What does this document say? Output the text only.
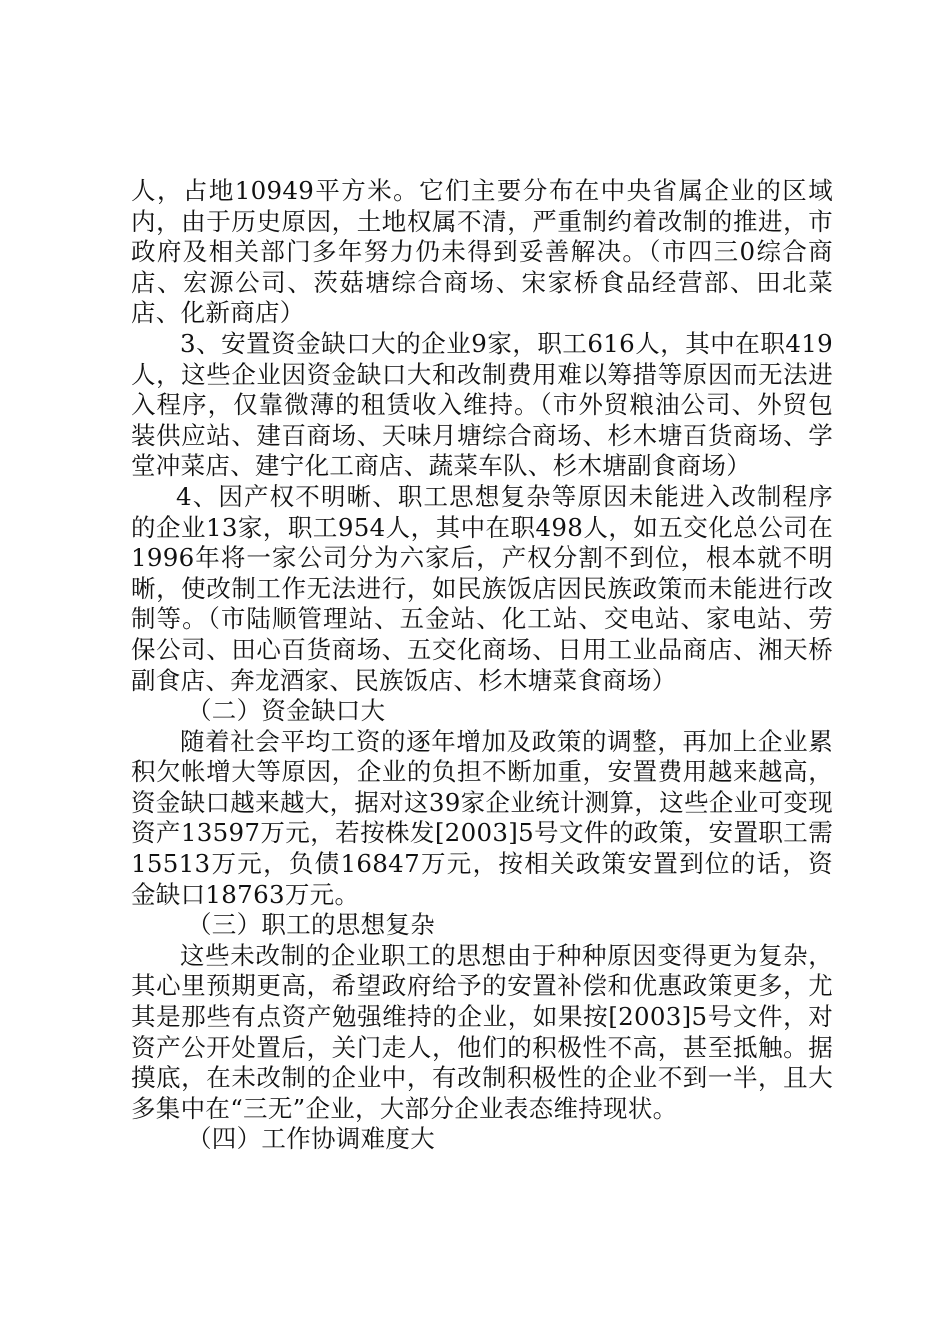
人，占地10949平方米。它们主要分布在中央省属企业的区域内，由于历史原因，土地权属不清，严重制约着改制的推进，市政府及相关部门多年努力仍未得到妥善解决。（市四三0综合商店、宏源公司、茨菇塘综合商场、宋家桥食品经营部、田北菜店、化新商店）

3、安置资金缺口大的企业9家，职工616人，其中在职419人，这些企业因资金缺口大和改制费用难以筹措等原因而无法进入程序，仅靠微薄的租赁收入维持。（市外贸粮油公司、外贸包装供应站、建百商场、天味月塘综合商场、杉木塘百货商场、学堂冲菜店、建宁化工商店、蔬菜车队、杉木塘副食商场）

4、因产权不明晰、职工思想复杂等原因未能进入改制程序的企业13家，职工954人，其中在职498人，如五交化总公司在1996年将一家公司分为六家后，产权分割不到位，根本就不明晰，使改制工作无法进行，如民族饭店因民族政策而未能进行改制等。（市陆顺管理站、五金站、化工站、交电站、家电站、劳保公司、田心百货商场、五交化商场、日用工业品商店、湘天桥副食店、奔龙酒家、民族饭店、杉木塘菜食商场）

（二）资金缺口大

随着社会平均工资的逐年增加及政策的调整，再加上企业累积欠帐增大等原因，企业的负担不断加重，安置费用越来越高，资金缺口越来越大，据对这39家企业统计测算，这些企业可变现资产13597万元，若按株发[2003]5号文件的政策，安置职工需15513万元，负债16847万元，按相关政策安置到位的话，资金缺口18763万元。

（三）职工的思想复杂

这些未改制的企业职工的思想由于种种原因变得更为复杂，其心里预期更高，希望政府给予的安置补偿和优惠政策更多，尤其是那些有点资产勉强维持的企业，如果按[2003]5号文件，对资产公开处置后，关门走人，他们的积极性不高，甚至抵触。据摸底，在未改制的企业中，有改制积极性的企业不到一半，且大多集中在“三无”企业，大部分企业表态维持现状。

（四）工作协调难度大
